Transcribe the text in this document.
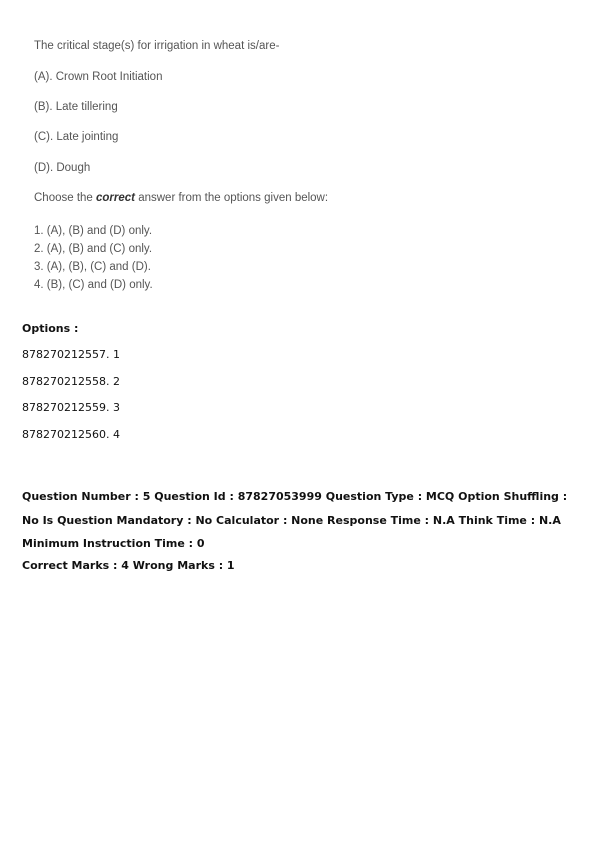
The critical stage(s) for irrigation in wheat is/are-
(A). Crown Root Initiation
(B). Late tillering
(C). Late jointing
(D). Dough
Choose the correct answer from the options given below:
1. (A), (B) and (D) only.
2. (A), (B) and (C) only.
3. (A), (B), (C) and (D).
4. (B), (C) and (D) only.
Options :
878270212557. 1
878270212558. 2
878270212559. 3
878270212560. 4
Question Number : 5 Question Id : 87827053999 Question Type : MCQ Option Shuffling : No Is Question Mandatory : No Calculator : None Response Time : N.A Think Time : N.A Minimum Instruction Time : 0
Correct Marks : 4 Wrong Marks : 1
